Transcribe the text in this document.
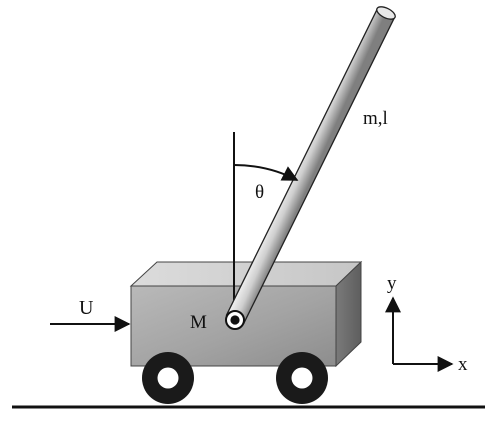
m,l
θ
U
M
y
x
